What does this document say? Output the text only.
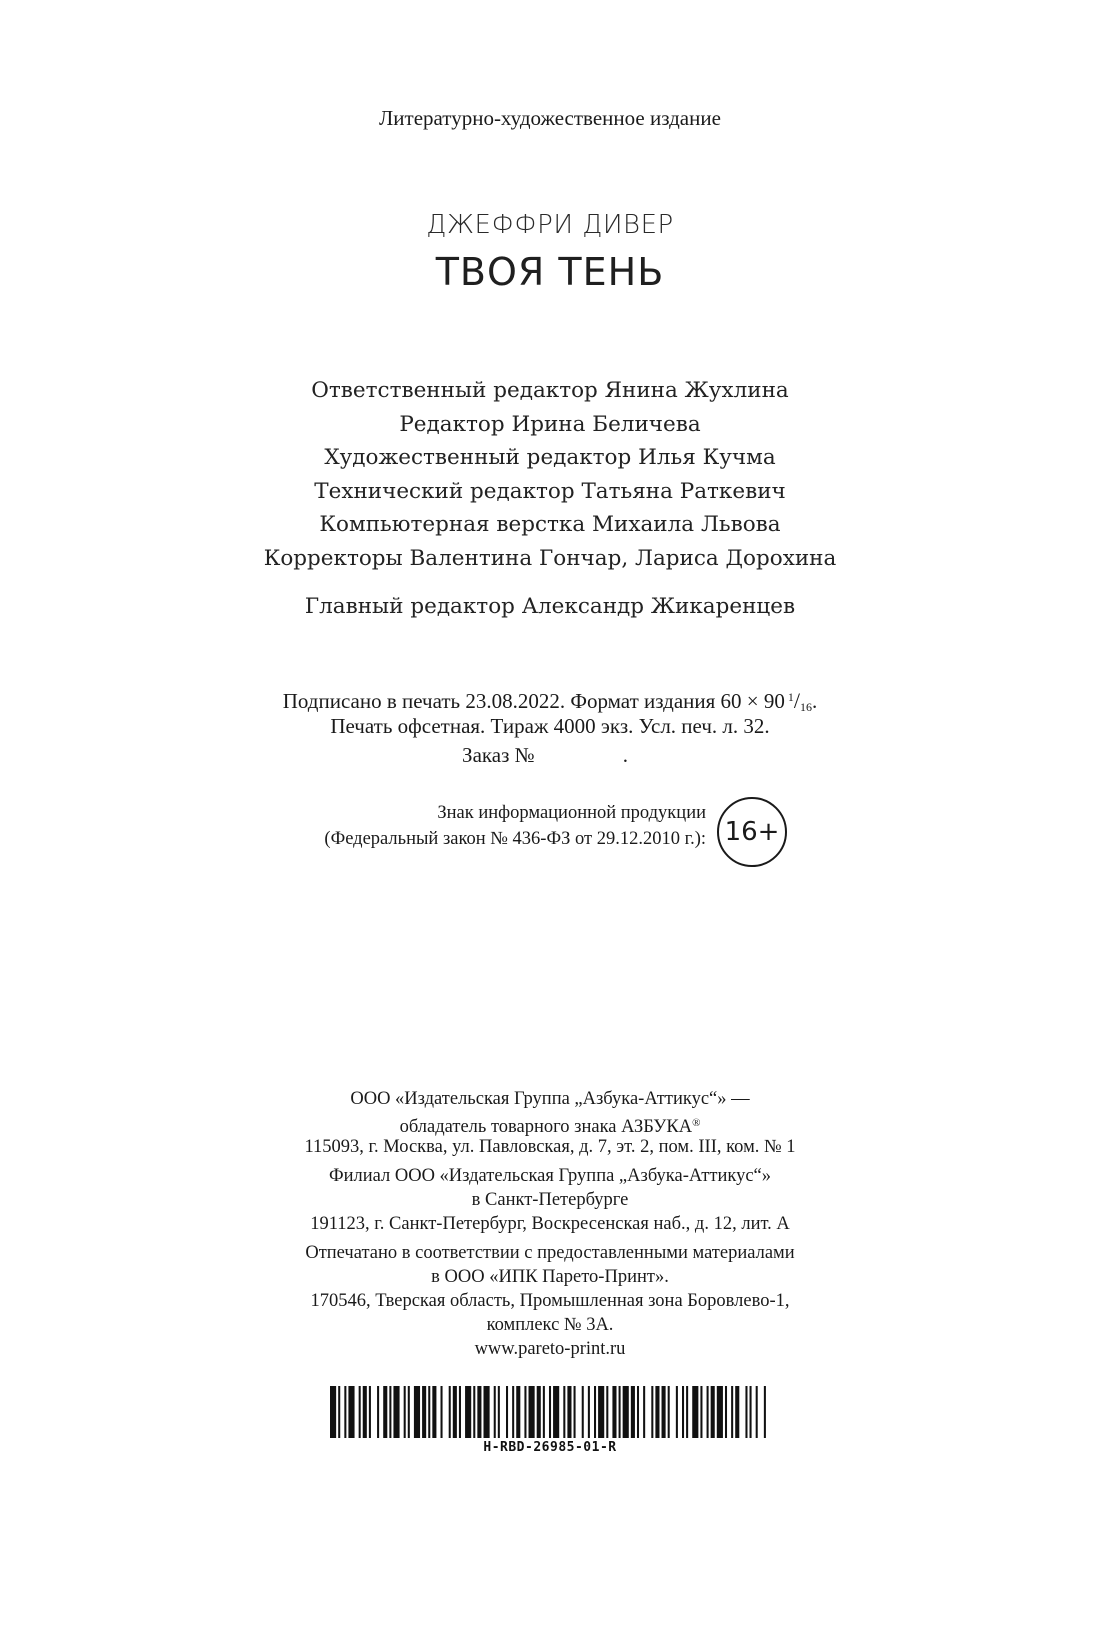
Литературно-художественное издание
ДЖЕФФРИ ДИВЕР
ТВОЯ ТЕНЬ
Ответственный редактор Янина Жухлина
Редактор Ирина Беличева
Художественный редактор Илья Кучма
Технический редактор Татьяна Раткевич
Компьютерная верстка Михаила Львова
Корректоры Валентина Гончар, Лариса Дорохина
Главный редактор Александр Жикаренцев
Подписано в печать 23.08.2022. Формат издания 60 × 90 $^1$/16.
Печать офсетная. Тираж 4000 экз. Усл. печ. л. 32.
Заказ №	.
Знак информационной продукции
(Федеральный закон № 436-ФЗ от 29.12.2010 г.): 16+
ООО «Издательская Группа „Азбука-Аттикус“» —
обладатель товарного знака АЗБУКА®
115093, г. Москва, ул. Павловская, д. 7, эт. 2, пом. III, ком. № 1
Филиал ООО «Издательская Группа „Азбука-Аттикус“»
в Санкт-Петербурге
191123, г. Санкт-Петербург, Воскресенская наб., д. 12, лит. А
Отпечатано в соответствии с предоставленными материалами
в ООО «ИПК Парето-Принт».
170546, Тверская область, Промышленная зона Боровлево-1,
комплекс № 3А.
www.pareto-print.ru
H-RBD-26985-01-R
